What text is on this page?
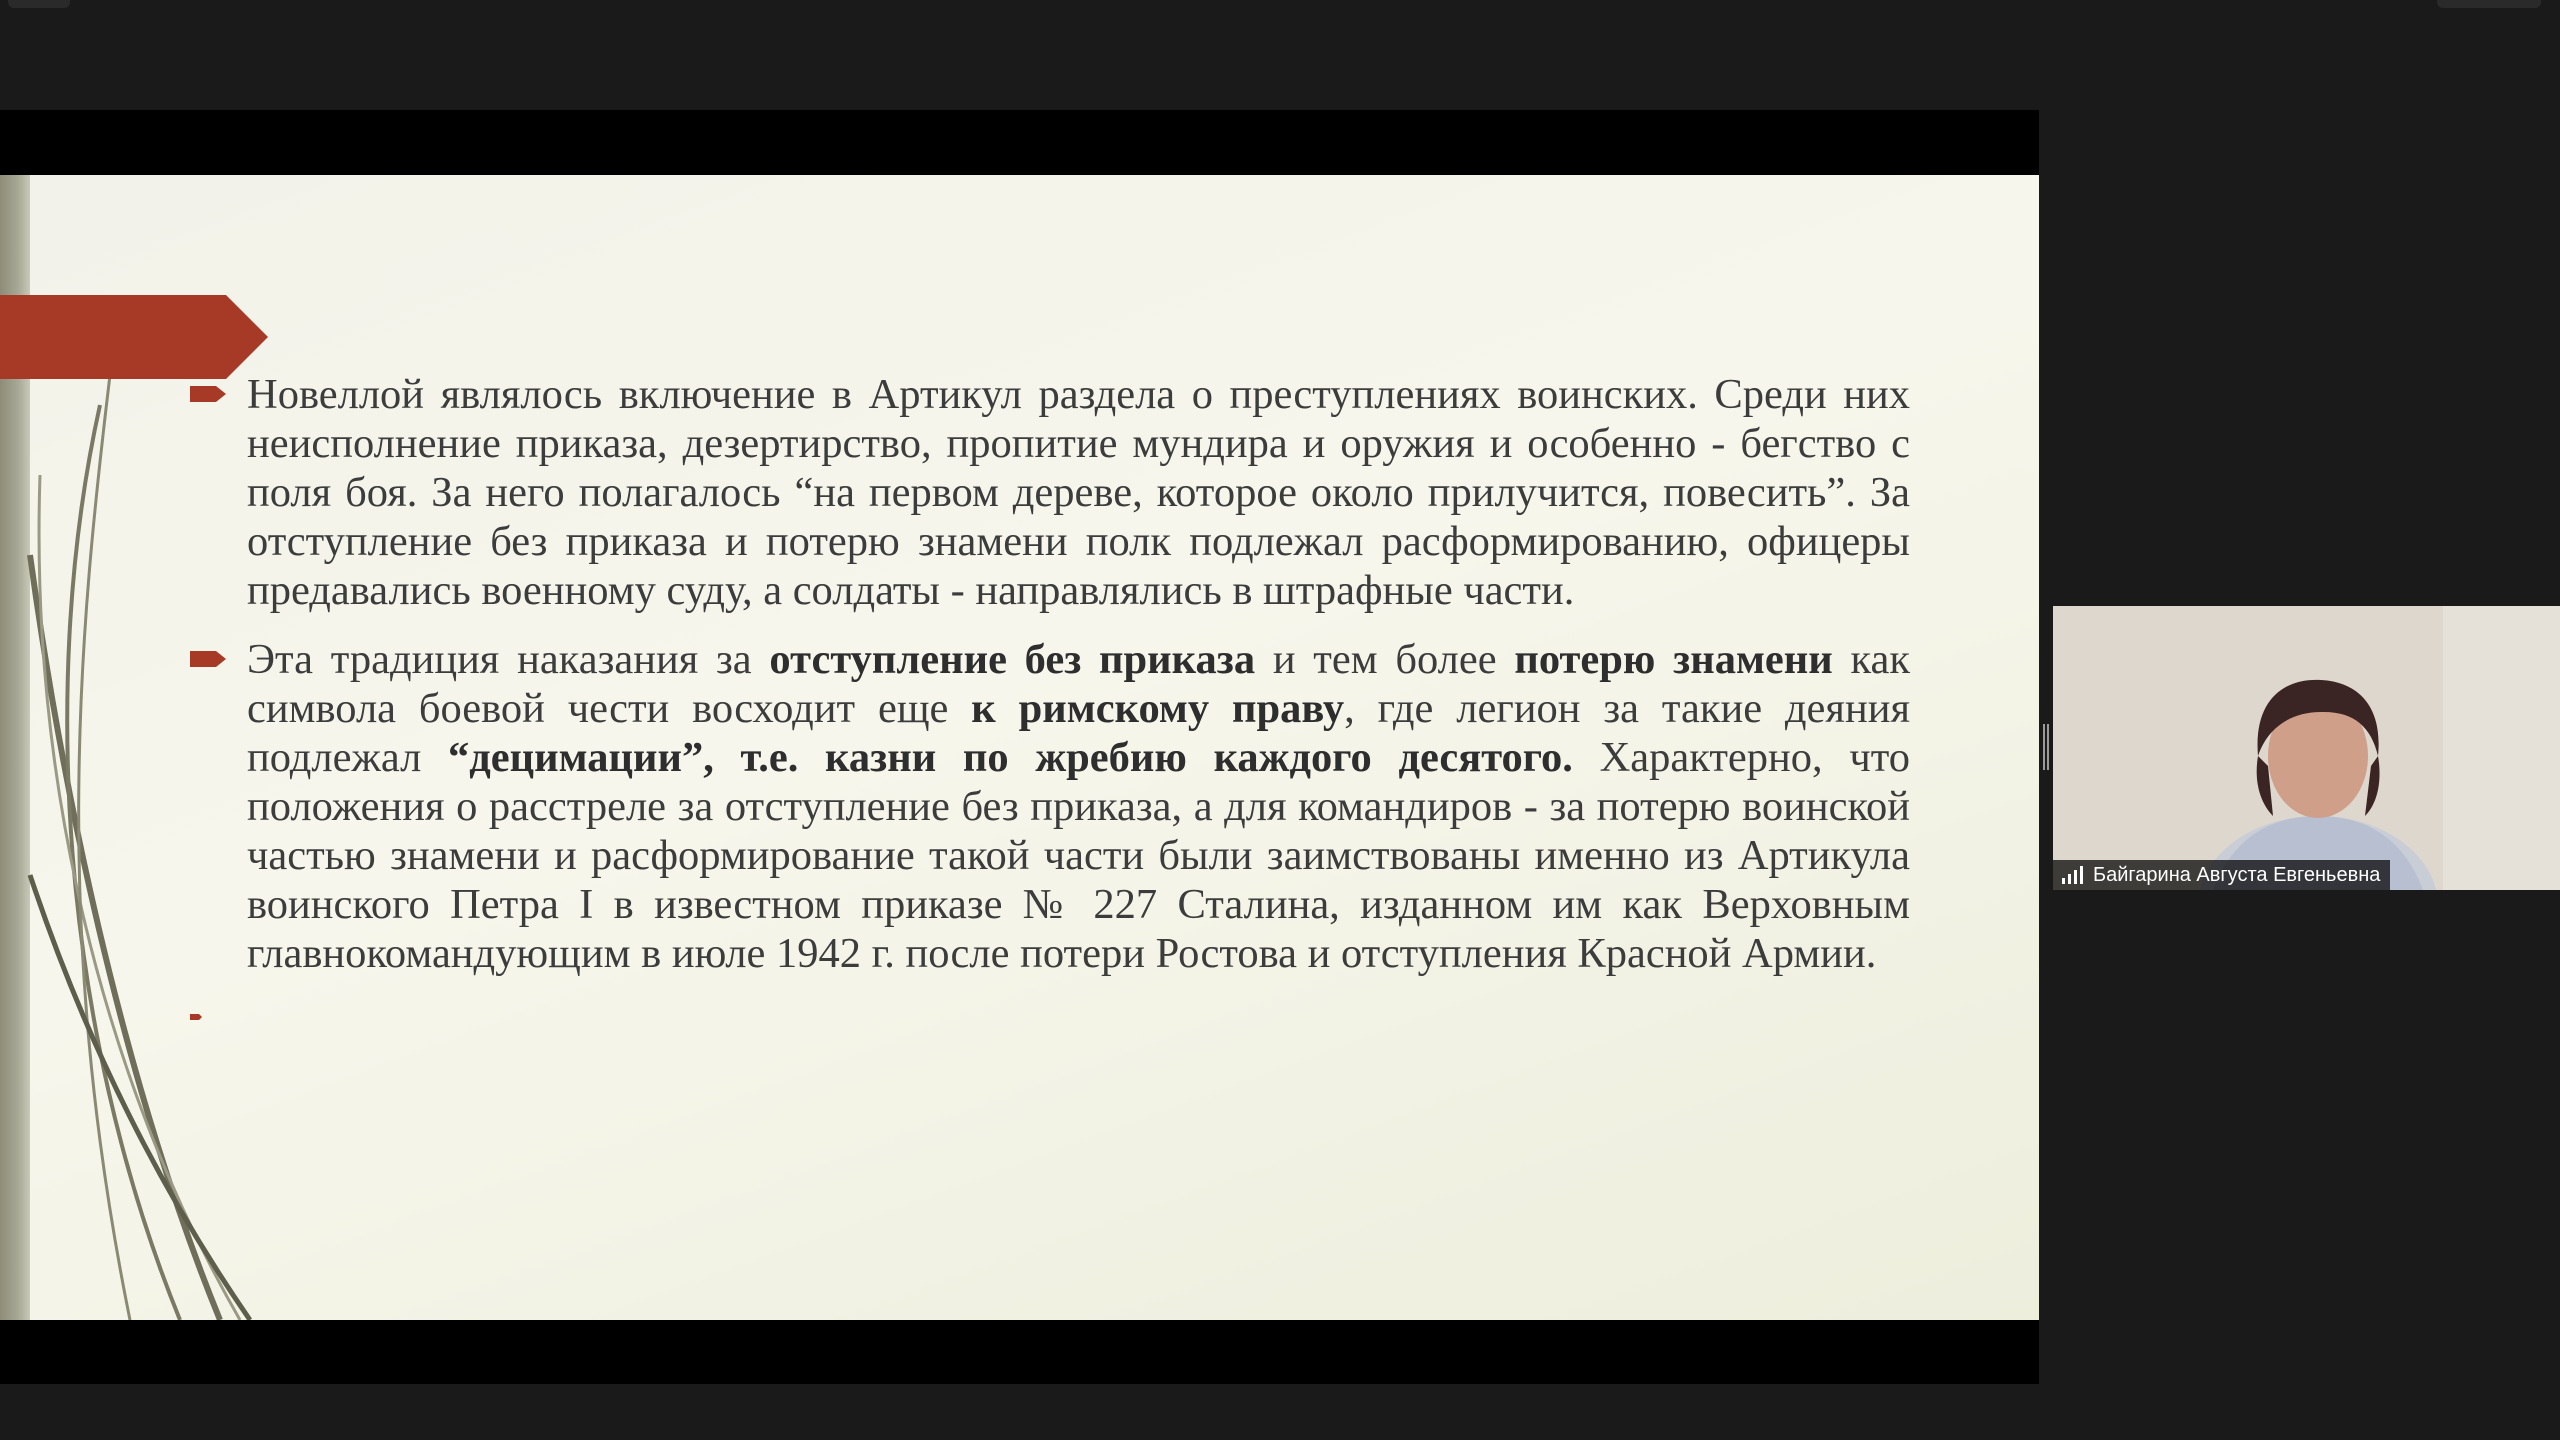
Новеллой являлось включение в Артикул раздела о преступлениях воинских. Среди них неисполнение приказа, дезертирство, пропитие мундира и оружия и особенно - бегство с поля боя. За него полагалось “на первом дереве, которое около прилучится, повесить”. За отступление без приказа и потерю знамени полк подлежал расформированию, офицеры предавались военному суду, а солдаты - направлялись в штрафные части.
Эта традиция наказания за отступление без приказа и тем более потерю знамени как символа боевой чести восходит еще к римскому праву, где легион за такие деяния подлежал “децимации”, т.е. казни по жребию каждого десятого. Характерно, что положения о расстреле за отступление без приказа, а для командиров - за потерю воинской частью знамени и расформирование такой части были заимствованы именно из Артикула воинского Петра I в известном приказе № 227 Сталина, изданном им как Верховным главнокомандующим в июле 1942 г. после потери Ростова и отступления Красной Армии.
Байгарина Августа Евгеньевна
